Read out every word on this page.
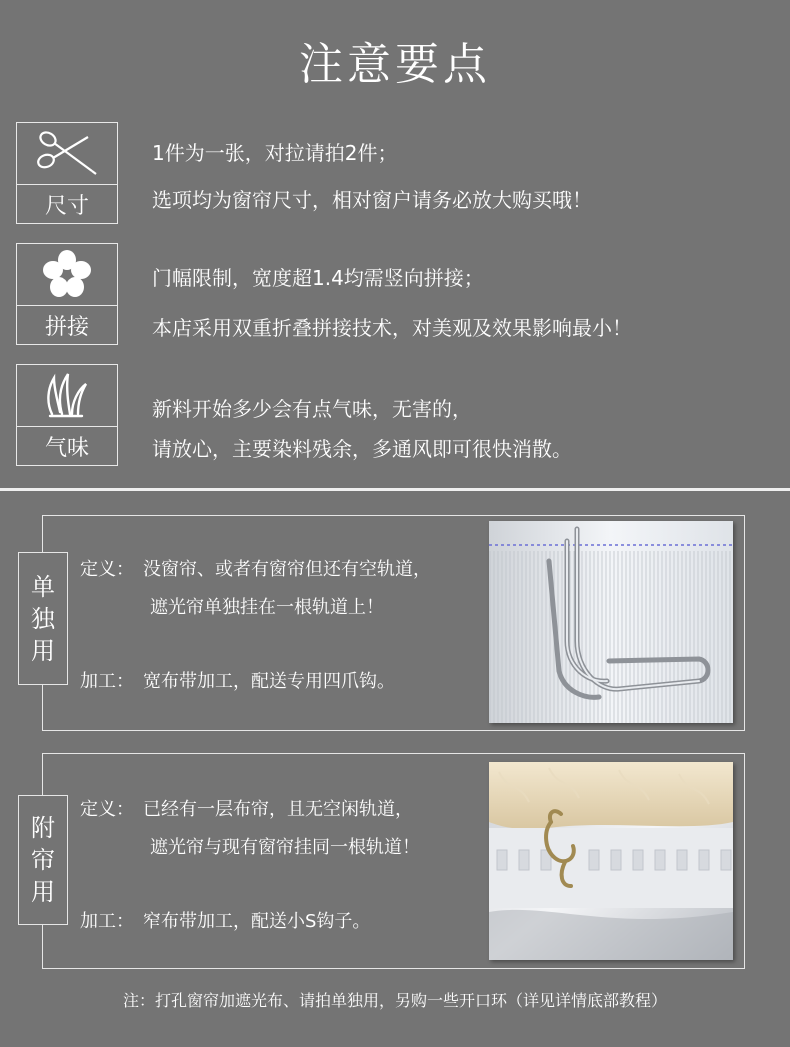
注意要点
尺寸
1件为一张，对拉请拍2件；
选项均为窗帘尺寸，相对窗户请务必放大购买哦！
拼接
门幅限制，宽度超1.4均需竖向拼接；
本店采用双重折叠拼接技术，对美观及效果影响最小！
气味
新料开始多少会有点气味，无害的，
请放心，主要染料残余，多通风即可很快消散。
单
独
用
定义： 没窗帘、或者有窗帘但还有空轨道，
遮光帘单独挂在一根轨道上！
加工： 宽布带加工，配送专用四爪钩。
附
帘
用
定义： 已经有一层布帘，且无空闲轨道，
遮光帘与现有窗帘挂同一根轨道！
加工： 窄布带加工，配送小S钩子。
注：打孔窗帘加遮光布、请拍单独用，另购一些开口环（详见详情底部教程）
